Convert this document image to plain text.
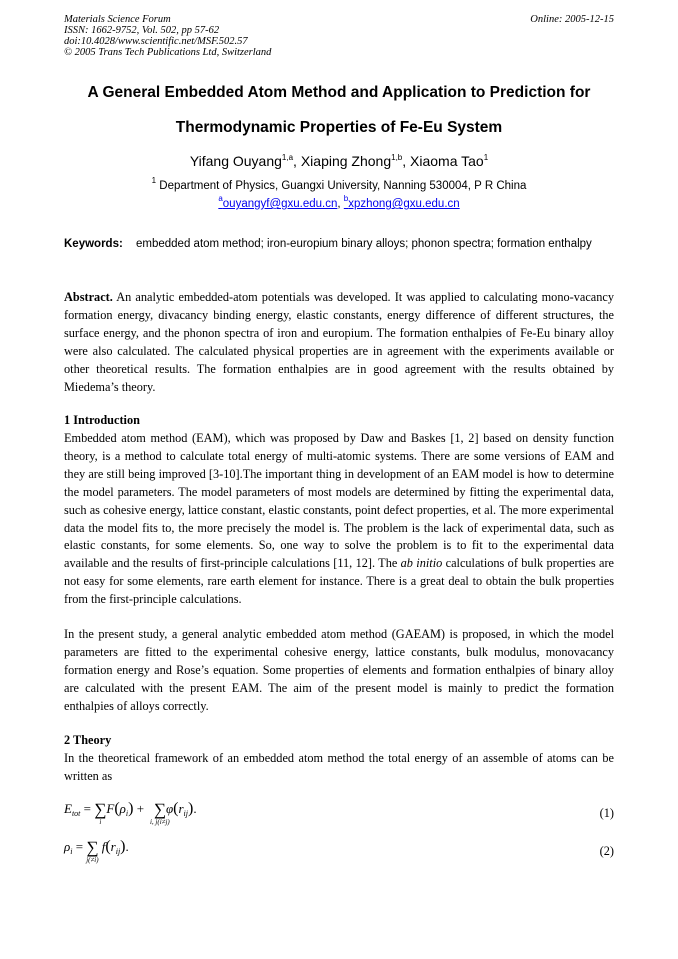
Materials Science Forum
ISSN: 1662-9752, Vol. 502, pp 57-62
doi:10.4028/www.scientific.net/MSF.502.57
© 2005 Trans Tech Publications Ltd, Switzerland
Online: 2005-12-15
A General Embedded Atom Method and Application to Prediction for
Thermodynamic Properties of Fe-Eu System
Yifang Ouyang$^{1,a}$, Xiaping Zhong$^{1,b}$, Xiaoma Tao$^1$
$^1$ Department of Physics, Guangxi University, Nanning 530004, P R China
$^a$ouyangyf@gxu.edu.cn, $^b$xpzhong@gxu.edu.cn
Keywords:	embedded atom method; iron-europium binary alloys; phonon spectra; formation enthalpy
Abstract. An analytic embedded-atom potentials was developed. It was applied to calculating mono-vacancy formation energy, divacancy binding energy, elastic constants, energy difference of different structures, the surface energy, and the phonon spectra of iron and europium. The formation enthalpies of Fe-Eu binary alloy were also calculated. The calculated physical properties are in agreement with the experiments available or other theoretical results. The formation enthalpies are in good agreement with the results obtained by Miedema’s theory.
1 Introduction
Embedded atom method (EAM), which was proposed by Daw and Baskes [1, 2] based on density function theory, is a method to calculate total energy of multi-atomic systems. There are some versions of EAM and they are still being improved [3-10].The important thing in development of an EAM model is how to determine the model parameters. The model parameters of most models are determined by fitting the experimental data, such as cohesive energy, lattice constant, elastic constants, point defect properties, et al. The more experimental data the model fits to, the more precisely the model is. The problem is the lack of experimental data, such as elastic constants, for some elements. So, one way to solve the problem is to fit to the experimental data available and the results of first-principle calculations [11, 12]. The ab initio calculations of bulk properties are not easy for some elements, rare earth element for instance. There is a great deal to obtain the bulk properties from the first-principle calculations.
In the present study, a general analytic embedded atom method (GAEAM) is proposed, in which the model parameters are fitted to the experimental cohesive energy, lattice constants, bulk modulus, monovacancy formation energy and Rose’s equation. Some properties of elements and formation enthalpies of binary alloy are calculated with the present EAM. The aim of the present model is mainly to predict the formation enthalpies of alloys correctly.
2 Theory
In the theoretical framework of an embedded atom method the total energy of an assemble of atoms can be written as
$E_{tot}$ = ∑
i
$F(\rho_i)$ +   ∑
i, j(i≠j)
$\varphi(r_{ij})$.	(1)
$\rho_i$ = ∑
j(≠i)
$f(r_{ij})$.	(2)
